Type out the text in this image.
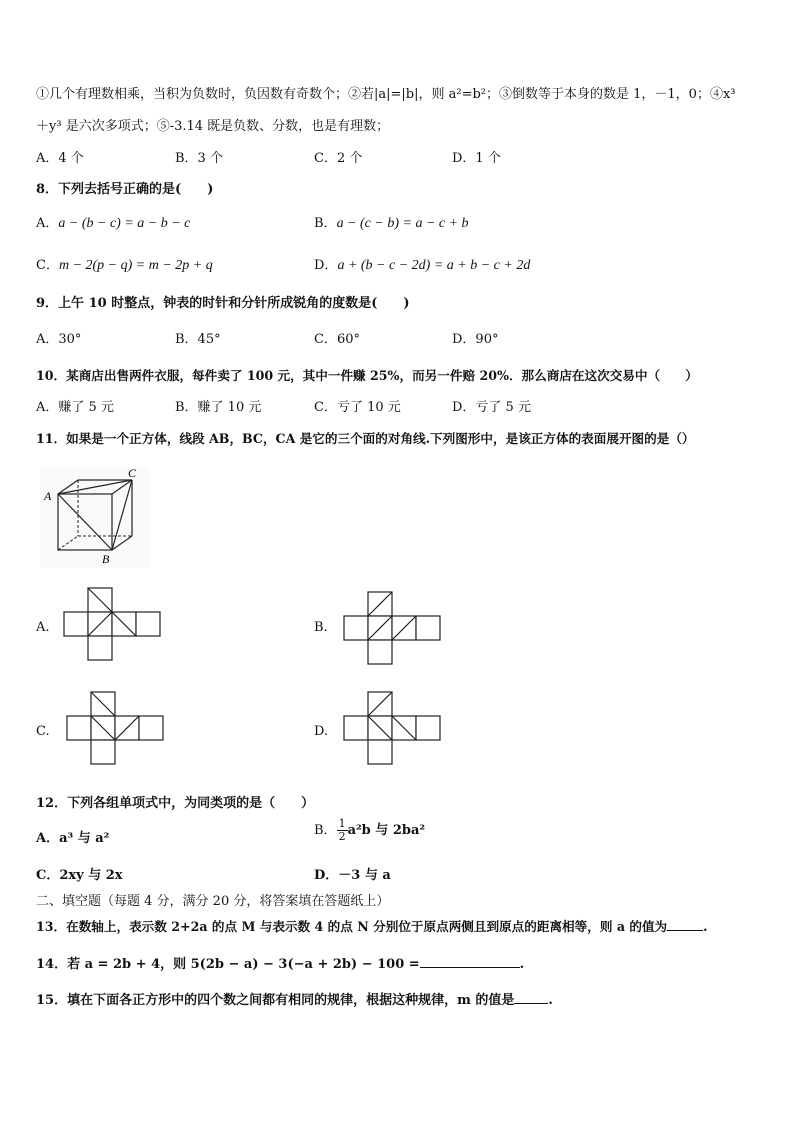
①几个有理数相乘，当积为负数时，负因数有奇数个；②若|a|=|b|，则 a²=b²；③倒数等于本身的数是 1，－1，0；④x³
＋y³ 是六次多项式；⑤-3.14 既是负数、分数，也是有理数；
A．4 个	B．3 个	C．2 个	D．1 个
8．下列去括号正确的是(　　)
A．a − (b − c) = a − b − c	B．a − (c − b) = a − c + b
C．m − 2(p − q) = m − 2p + q	D．a + (b − c − 2d) = a + b − c + 2d
9．上午 10 时整点，钟表的时针和分针所成锐角的度数是(　　)
A．30°	B．45°	C．60°	D．90°
10．某商店出售两件衣服，每件卖了 100 元，其中一件赚 25%，而另一件赔 20%．那么商店在这次交易中（　　）
A．赚了 5 元	B．赚了 10 元	C．亏了 10 元	D．亏了 5 元
11．如果是一个正方体，线段 AB，BC，CA 是它的三个面的对角线.下列图形中，是该正方体的表面展开图的是（）
A
C
B
A.	B.
C.	D.
12．下列各组单项式中，为同类项的是（　　）
A．a³ 与 a²
B． $\frac{1}{2} a^2b$ 与 2ba²
C．2xy 与 2x	D．－3 与 a
二、填空题（每题 4 分，满分 20 分，将答案填在答题纸上）
13．在数轴上，表示数 2+2a 的点 M 与表示数 4 的点 N 分别位于原点两侧且到原点的距离相等，则 a 的值为	.
14．若 a = 2b + 4，则 5(2b − a) − 3(−a + 2b) − 100 =	.
15．填在下面各正方形中的四个数之间都有相同的规律，根据这种规律，m 的值是	.
